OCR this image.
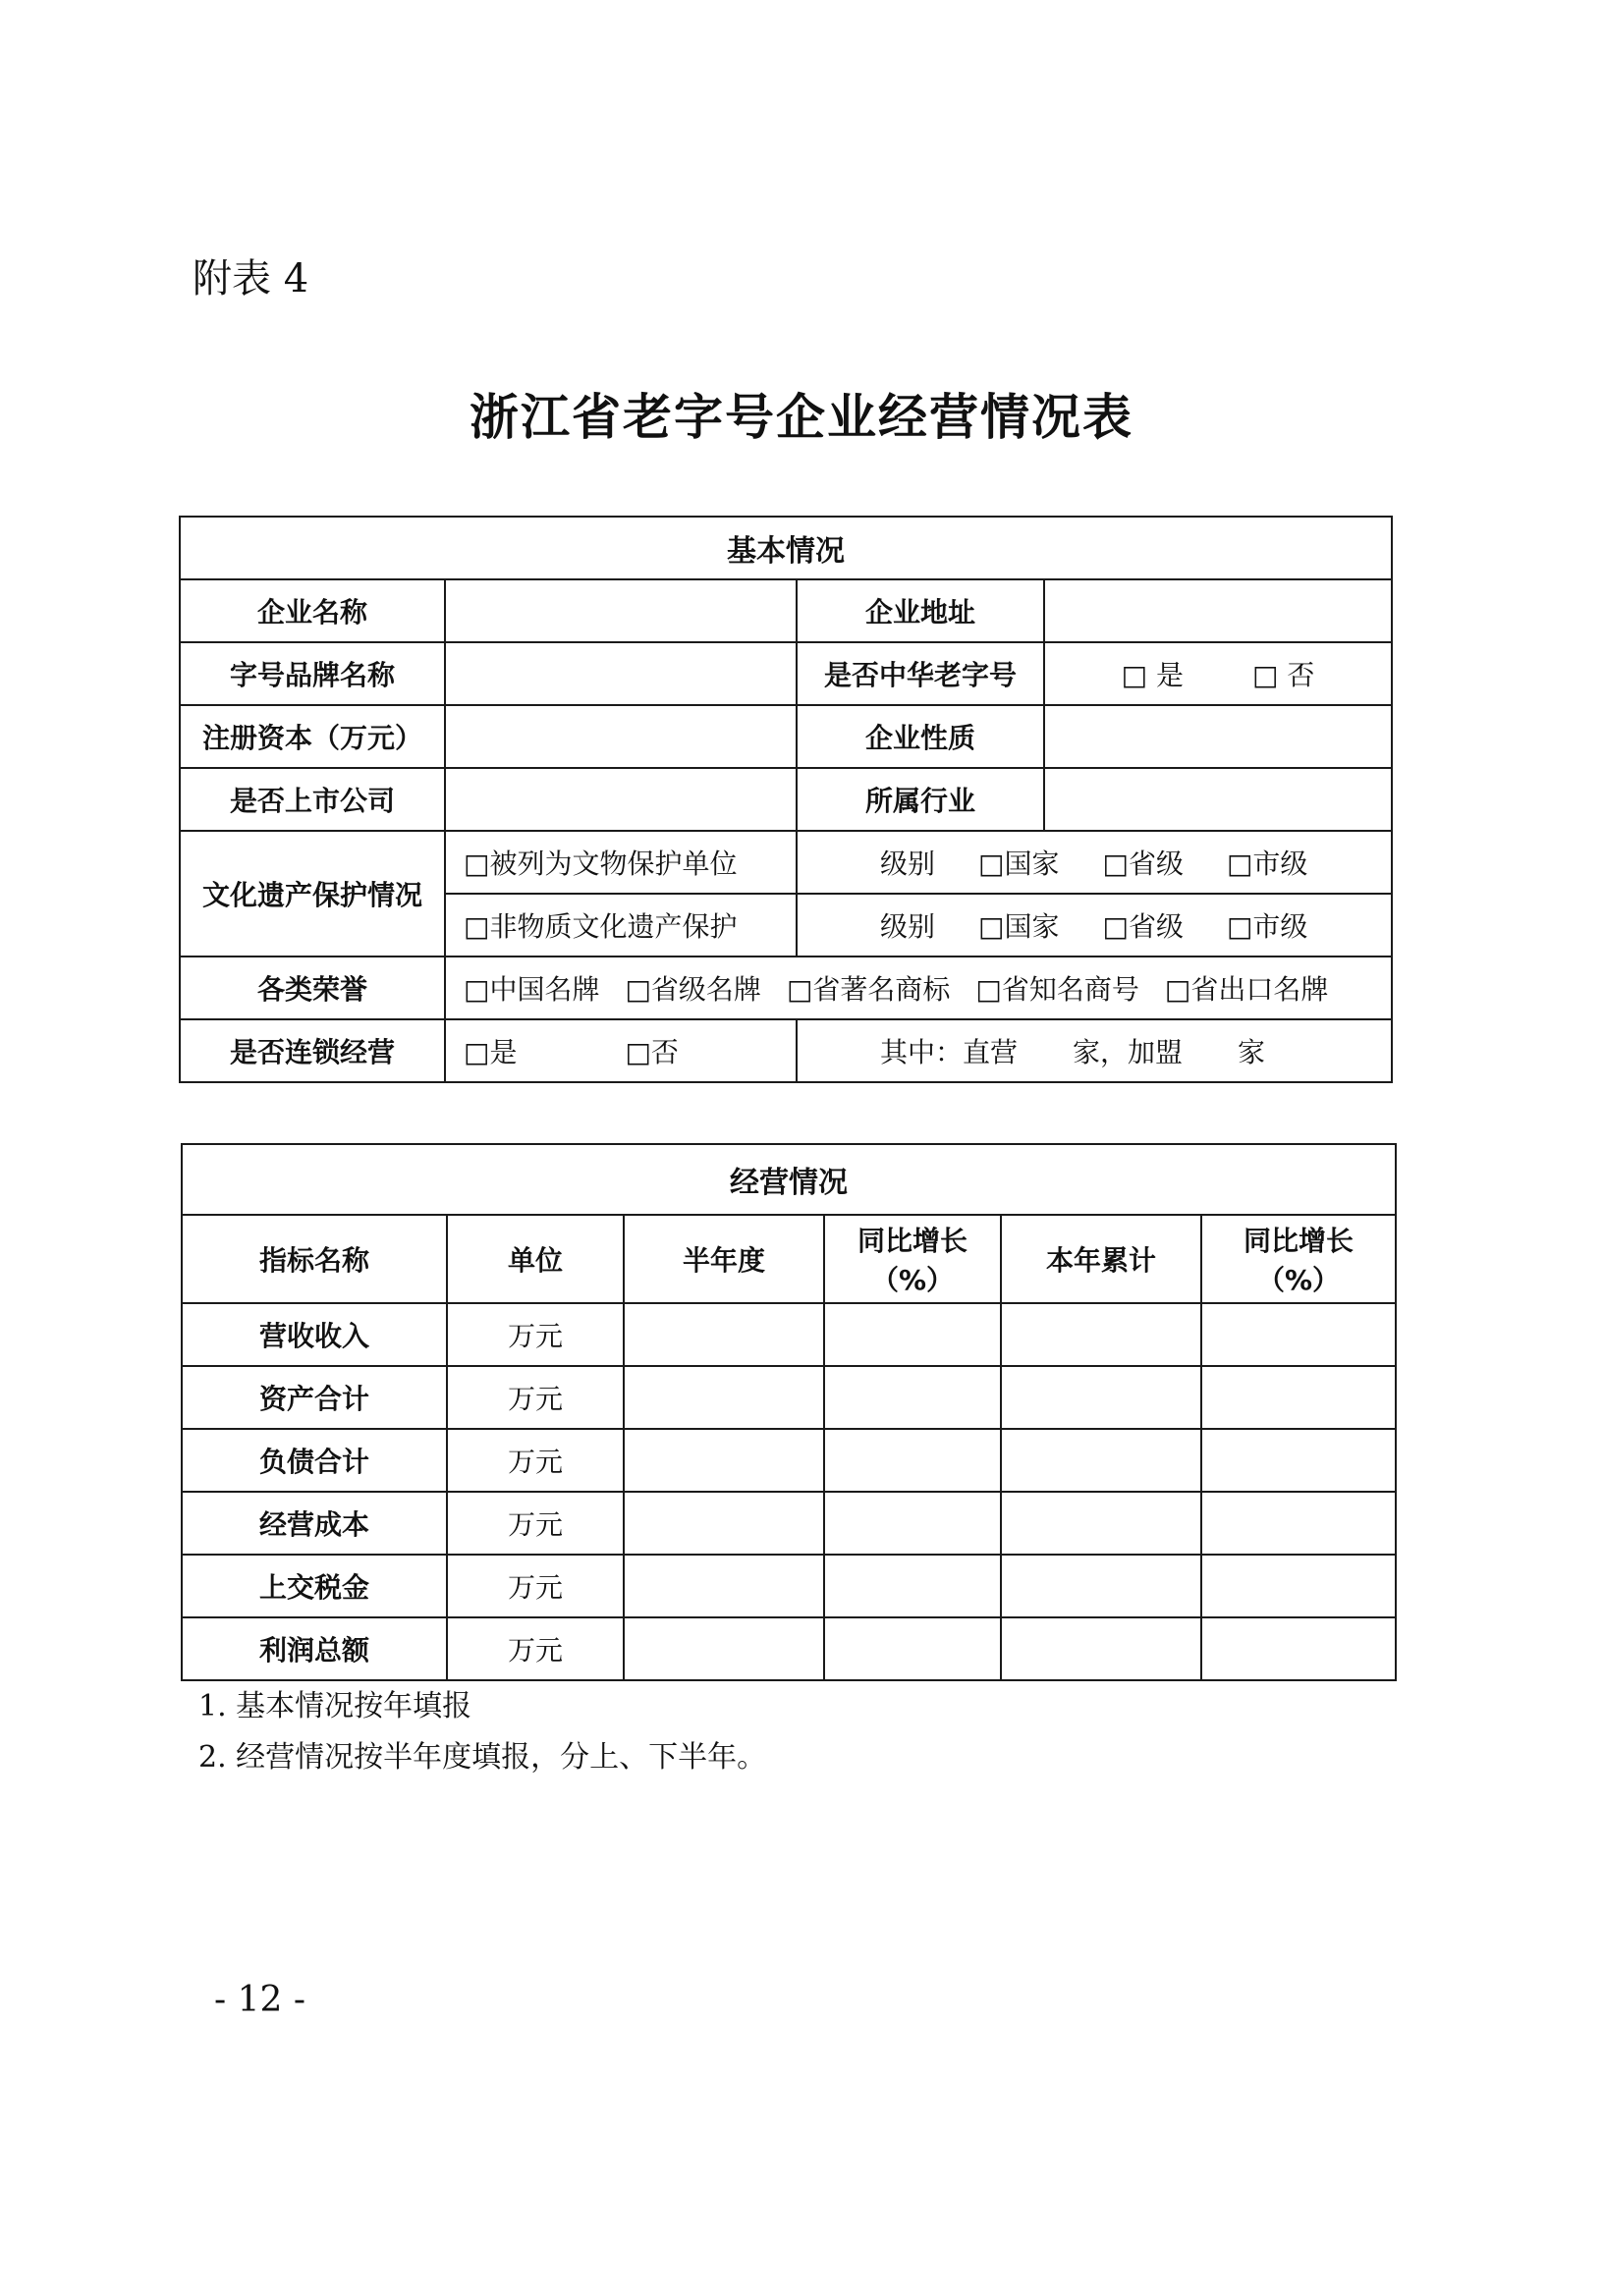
附表 4
浙江省老字号企业经营情况表
基本情况			
企业名称		企业地址	
字号品牌名称		是否中华老字号	□ 是 □ 否
注册资本（万元）		企业性质	
是否上市公司		所属行业	
文化遗产保护情况	□被列为文物保护单位	级别 □国家 □省级 □市级	
	□非物质文化遗产保护	级别 □国家 □省级 □市级	
各类荣誉	□中国名牌 □省级名牌 □省著名商标 □省知名商号 □省出口名牌		
是否连锁经营	□是 □否	其中：直营　　家，加盟　　家	
经营情况					
指标名称	单位	半年度	同比增长（%）	本年累计	同比增长（%）
营收收入	万元				
资产合计	万元				
负债合计	万元				
经营成本	万元				
上交税金	万元				
利润总额	万元				
1. 基本情况按年填报
2. 经营情况按半年度填报，分上、下半年。
- 12 -
